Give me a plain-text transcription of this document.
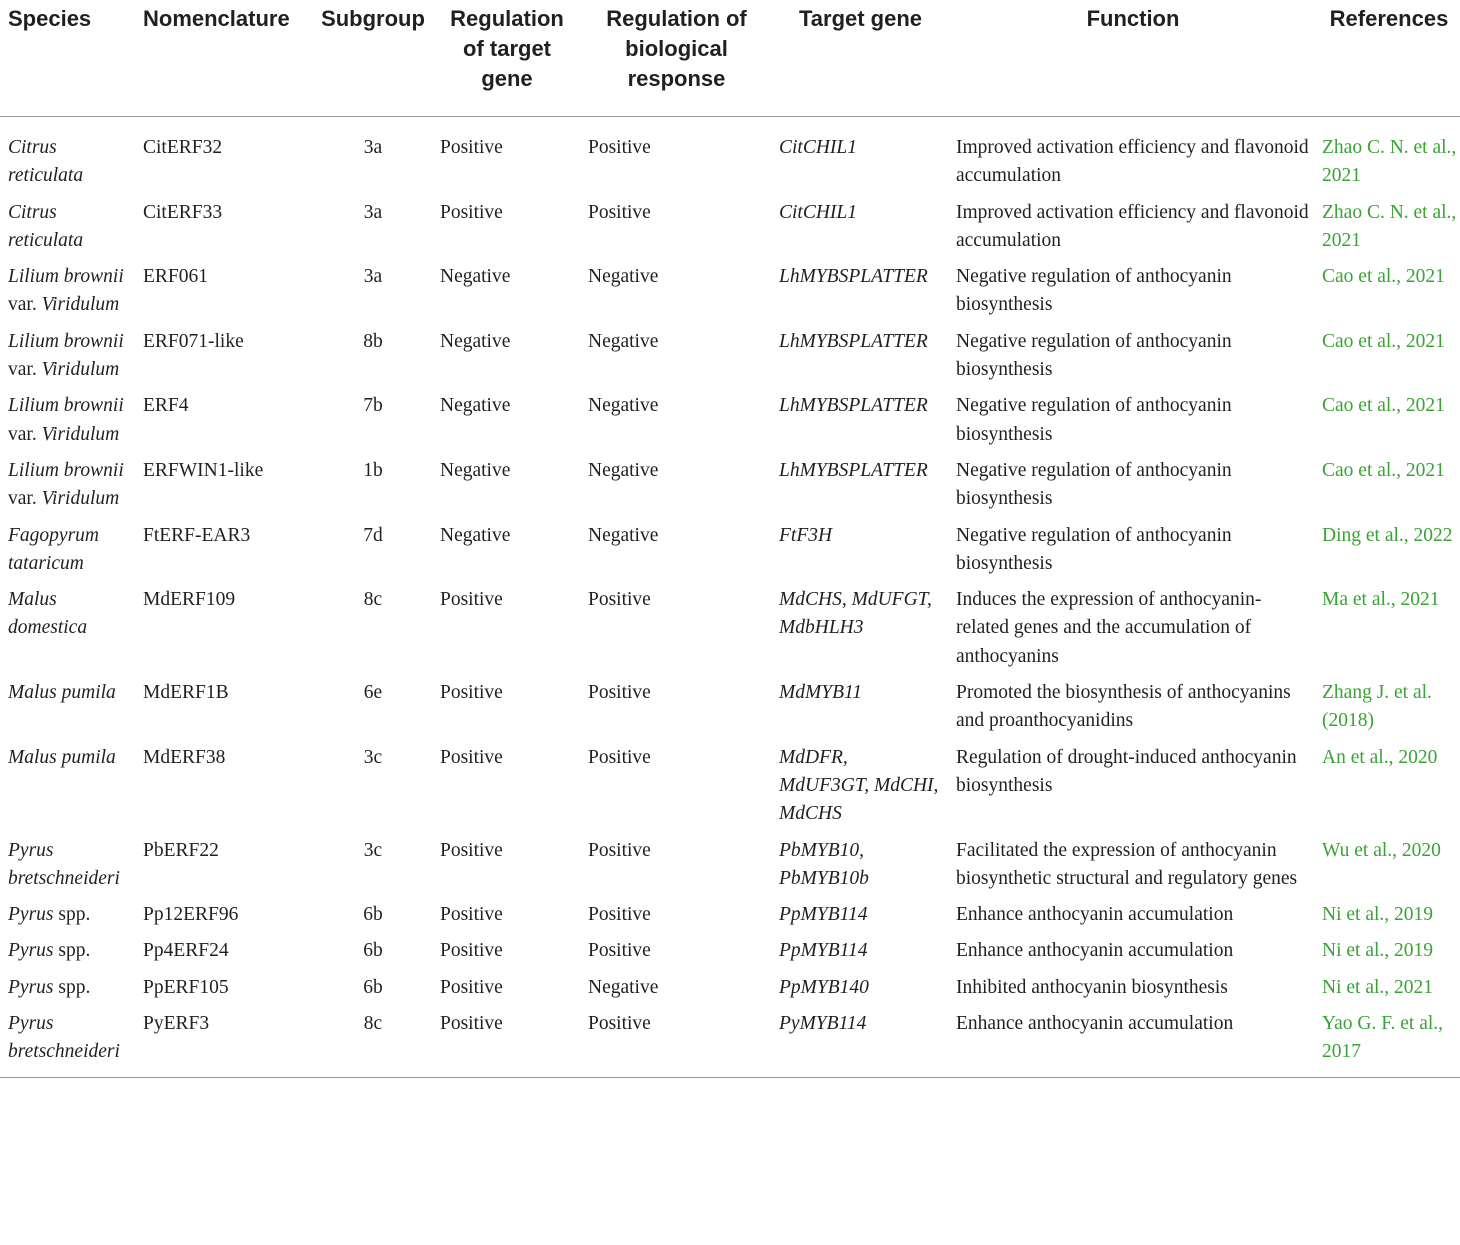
Species	Nomenclature	Subgroup	Regulation of target gene	Regulation of biological response	Target gene	Function	References
Citrus reticulata	CitERF32	3a	Positive	Positive	CitCHIL1	Improved activation efficiency and flavonoid accumulation	Zhao C. N. et al., 2021
Citrus reticulata	CitERF33	3a	Positive	Positive	CitCHIL1	Improved activation efficiency and flavonoid accumulation	Zhao C. N. et al., 2021
Lilium brownii var. Viridulum	ERF061	3a	Negative	Negative	LhMYBSPLATTER	Negative regulation of anthocyanin biosynthesis	Cao et al., 2021
Lilium brownii var. Viridulum	ERF071-like	8b	Negative	Negative	LhMYBSPLATTER	Negative regulation of anthocyanin biosynthesis	Cao et al., 2021
Lilium brownii var. Viridulum	ERF4	7b	Negative	Negative	LhMYBSPLATTER	Negative regulation of anthocyanin biosynthesis	Cao et al., 2021
Lilium brownii var. Viridulum	ERFWIN1-like	1b	Negative	Negative	LhMYBSPLATTER	Negative regulation of anthocyanin biosynthesis	Cao et al., 2021
Fagopyrum tataricum	FtERF-EAR3	7d	Negative	Negative	FtF3H	Negative regulation of anthocyanin biosynthesis	Ding et al., 2022
Malus domestica	MdERF109	8c	Positive	Positive	MdCHS, MdUFGT, MdbHLH3	Induces the expression of anthocyanin-related genes and the accumulation of anthocyanins	Ma et al., 2021
Malus pumila	MdERF1B	6e	Positive	Positive	MdMYB11	Promoted the biosynthesis of anthocyanins and proanthocyanidins	Zhang J. et al. (2018)
Malus pumila	MdERF38	3c	Positive	Positive	MdDFR, MdUF3GT, MdCHI, MdCHS	Regulation of drought-induced anthocyanin biosynthesis	An et al., 2020
Pyrus bretschneideri	PbERF22	3c	Positive	Positive	PbMYB10, PbMYB10b	Facilitated the expression of anthocyanin biosynthetic structural and regulatory genes	Wu et al., 2020
Pyrus spp.	Pp12ERF96	6b	Positive	Positive	PpMYB114	Enhance anthocyanin accumulation	Ni et al., 2019
Pyrus spp.	Pp4ERF24	6b	Positive	Positive	PpMYB114	Enhance anthocyanin accumulation	Ni et al., 2019
Pyrus spp.	PpERF105	6b	Positive	Negative	PpMYB140	Inhibited anthocyanin biosynthesis	Ni et al., 2021
Pyrus bretschneideri	PyERF3	8c	Positive	Positive	PyMYB114	Enhance anthocyanin accumulation	Yao G. F. et al., 2017
